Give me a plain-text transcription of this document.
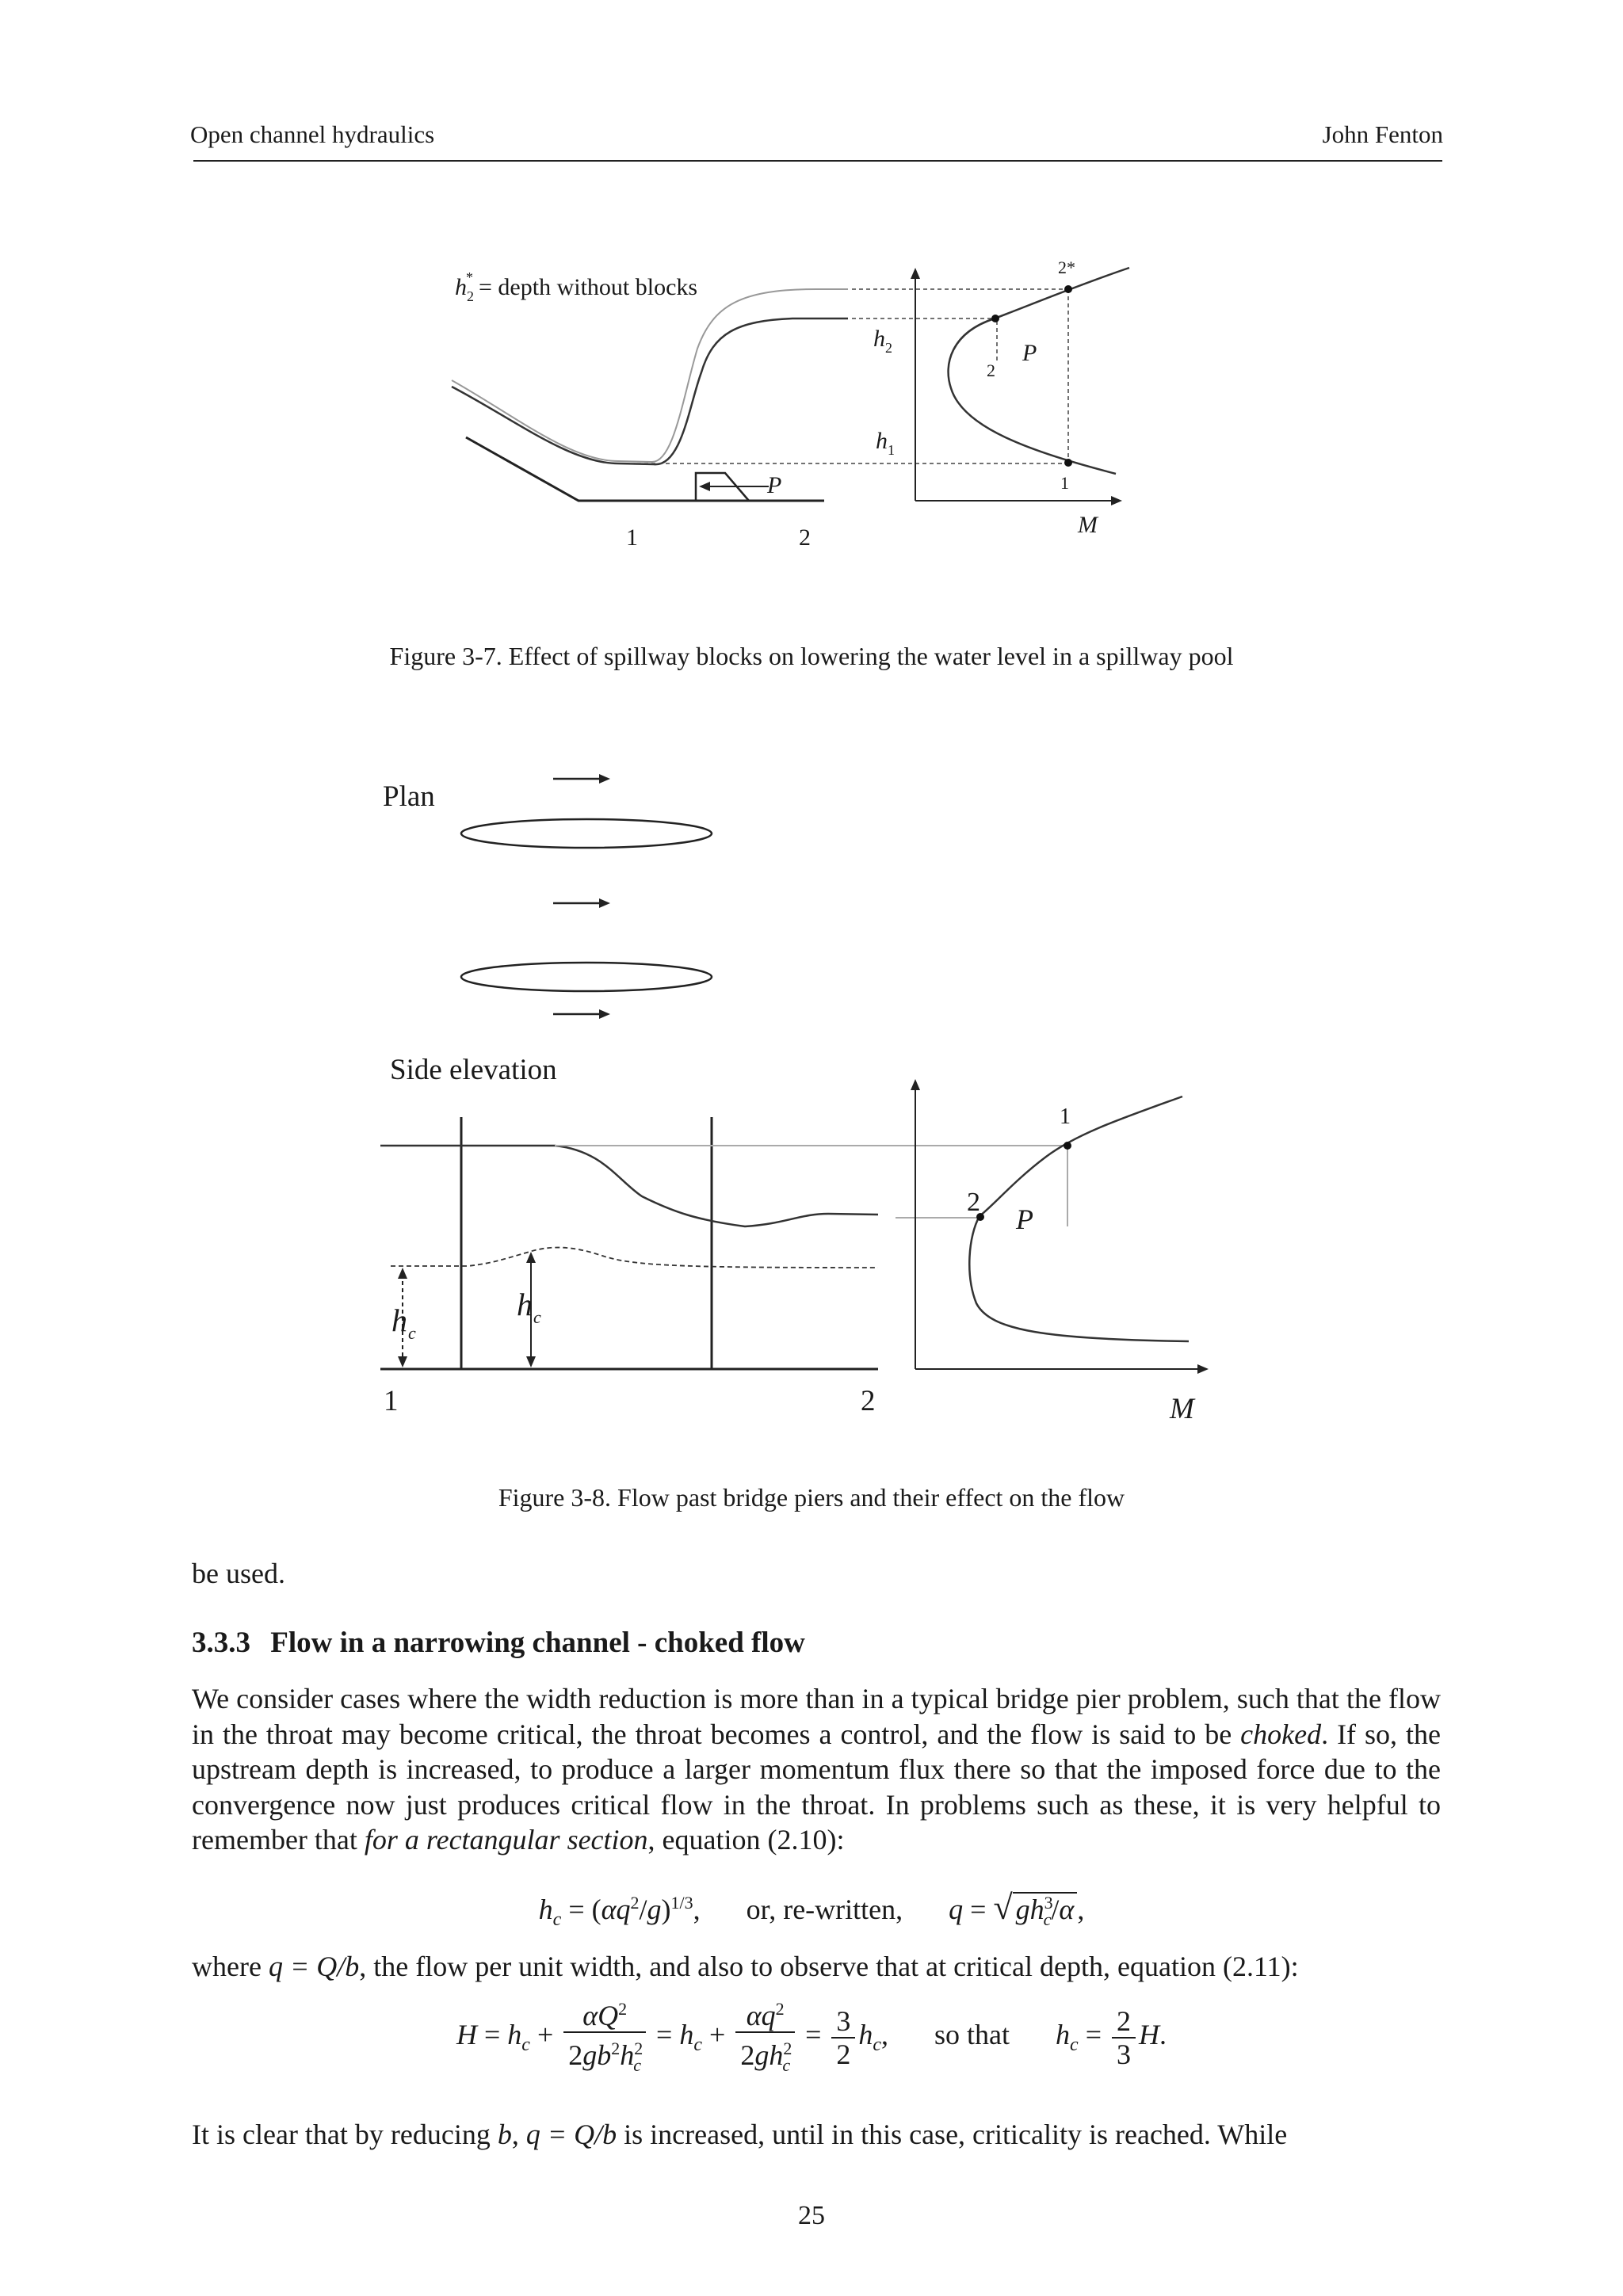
Open channel hydraulics	John Fenton
h 2
* = depth without blocks
h 2
h 1
P
P
1	2
2
2*
1
M
Figure 3-7. Effect of spillway blocks on lowering the water level in a spillway pool
Plan
Side elevation
h c
h c
1	2
1
2
P
M
Figure 3-8. Flow past bridge piers and their effect on the flow
be used.
3.3.3 Flow in a narrowing channel - choked flow
We consider cases where the width reduction is more than in a typical bridge pier problem, such that the flow in the throat may become critical, the throat becomes a control, and the flow is said to be choked. If so, the upstream depth is increased, to produce a larger momentum flux there so that the imposed force due to the convergence now just produces critical flow in the throat. In problems such as these, it is very helpful to remember that for a rectangular section, equation (2.10):
$h_c = (\alpha q^2/g)^{1/3}$, or, re-written, q = √ $gh^3_c/\alpha$ ,
where q = Q/b, the flow per unit width, and also to observe that at critical depth, equation (2.11):
$H = h_c + \frac{\alpha Q^2}{2gb^2h^2_c} = h_c + \frac{\alpha q^2}{2gh^2_c} = \frac{3}{2} h_c$,  so that $h_c = \frac{2}{3} H$.
It is clear that by reducing b, q = Q/b is increased, until in this case, criticality is reached. While
25
